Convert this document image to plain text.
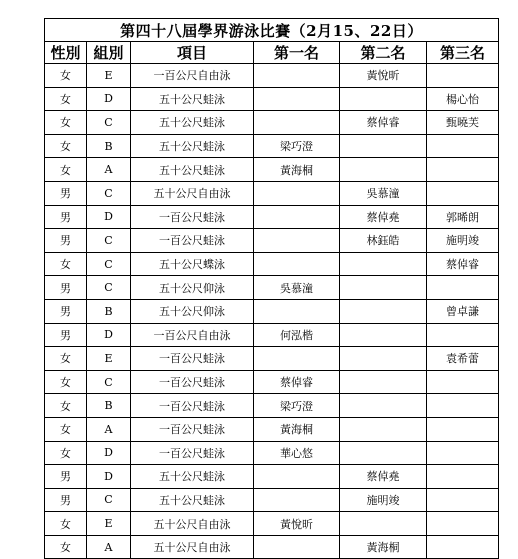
第四十八屆學界游泳比賽（2月15、22日）					
性別	組別	項目	第一名	第二名	第三名
女	E	一百公尺自由泳		黃悅昕	
女	D	五十公尺蛙泳			楊心怡
女	C	五十公尺蛙泳		蔡倬睿	甄曉芙
女	B	五十公尺蛙泳	梁巧澄		
女	A	五十公尺蛙泳	黃海桐		
男	C	五十公尺自由泳		吳慕潼	
男	D	一百公尺蛙泳		蔡倬堯	郭晞朗
男	C	一百公尺蛙泳		林鈺皓	施明竣
女	C	五十公尺蝶泳			蔡倬睿
男	C	五十公尺仰泳	吳慕潼		
男	B	五十公尺仰泳			曾卓謙
男	D	一百公尺自由泳	何泓楷		
女	E	一百公尺蛙泳			袁希蕾
女	C	一百公尺蛙泳	蔡倬睿		
女	B	一百公尺蛙泳	梁巧澄		
女	A	一百公尺蛙泳	黃海桐		
女	D	一百公尺蛙泳	華心悠		
男	D	五十公尺蛙泳		蔡倬堯	
男	C	五十公尺蛙泳		施明竣	
女	E	五十公尺自由泳	黃悅昕		
女	A	五十公尺自由泳		黃海桐	
